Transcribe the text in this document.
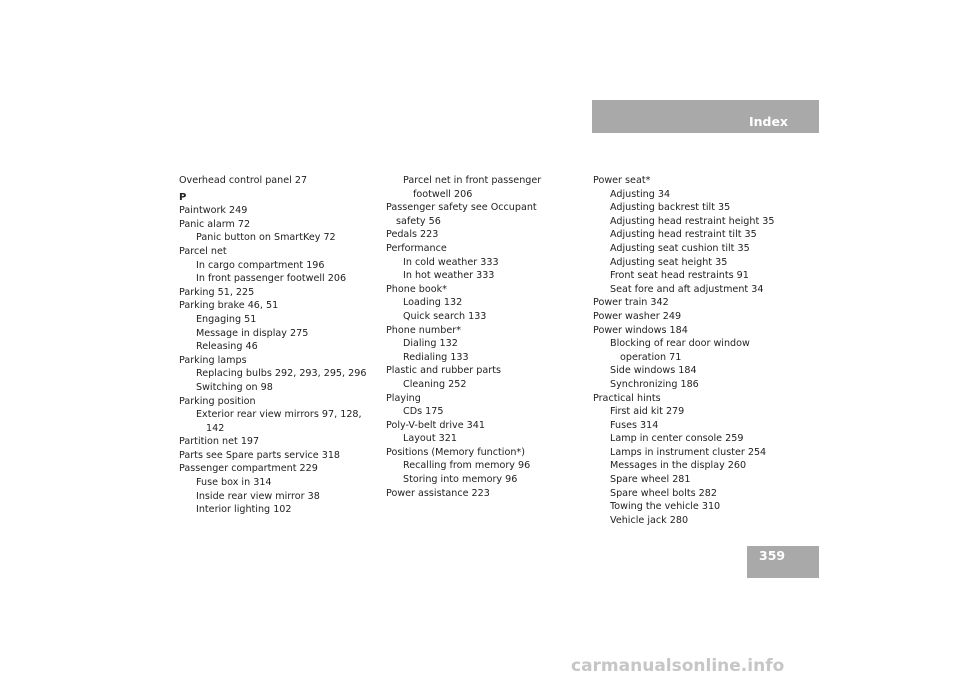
Index
Overhead control panel 27
P
Paintwork 249
Panic alarm 72
Panic button on SmartKey 72
Parcel net
In cargo compartment 196
In front passenger footwell 206
Parking 51, 225
Parking brake 46, 51
Engaging 51
Message in display 275
Releasing 46
Parking lamps
Replacing bulbs 292, 293, 295, 296
Switching on 98
Parking position
Exterior rear view mirrors 97, 128,
142
Partition net 197
Parts see Spare parts service 318
Passenger compartment 229
Fuse box in 314
Inside rear view mirror 38
Interior lighting 102
Parcel net in front passenger
footwell 206
Passenger safety see Occupant
safety 56
Pedals 223
Performance
In cold weather 333
In hot weather 333
Phone book*
Loading 132
Quick search 133
Phone number*
Dialing 132
Redialing 133
Plastic and rubber parts
Cleaning 252
Playing
CDs 175
Poly-V-belt drive 341
Layout 321
Positions (Memory function*)
Recalling from memory 96
Storing into memory 96
Power assistance 223
Power seat*
Adjusting 34
Adjusting backrest tilt 35
Adjusting head restraint height 35
Adjusting head restraint tilt 35
Adjusting seat cushion tilt 35
Adjusting seat height 35
Front seat head restraints 91
Seat fore and aft adjustment 34
Power train 342
Power washer 249
Power windows 184
Blocking of rear door window
operation 71
Side windows 184
Synchronizing 186
Practical hints
First aid kit 279
Fuses 314
Lamp in center console 259
Lamps in instrument cluster 254
Messages in the display 260
Spare wheel 281
Spare wheel bolts 282
Towing the vehicle 310
Vehicle jack 280
359
carmanualsonline.info
